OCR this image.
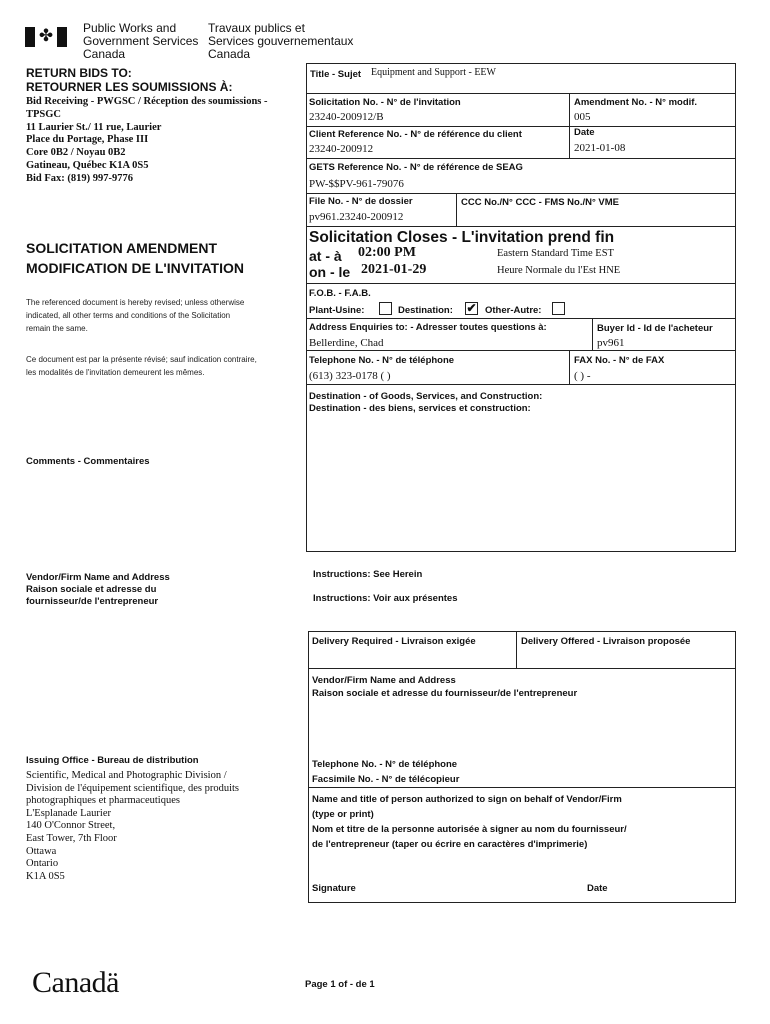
✤ Public Works and
Government Services
Canada
Travaux publics et
Services gouvernementaux
Canada
RETURN BIDS TO:
RETOURNER LES SOUMISSIONS À:
Bid Receiving - PWGSC / Réception des soumissions -
TPSGC
11 Laurier St./ 11 rue, Laurier
Place du Portage, Phase III
Core 0B2 / Noyau 0B2
Gatineau, Québec K1A 0S5
Bid Fax: (819) 997-9776
SOLICITATION AMENDMENT
MODIFICATION DE L'INVITATION
The referenced document is hereby revised; unless otherwise
indicated, all other terms and conditions of the Solicitation
remain the same.
Ce document est par la présente révisé; sauf indication contraire,
les modalités de l'invitation demeurent les mêmes.
Comments - Commentaires
Vendor/Firm Name and Address
Raison sociale et adresse du
fournisseur/de l'entrepreneur
Issuing Office - Bureau de distribution
Scientific, Medical and Photographic Division /
Division de l'équipement scientifique, des produits
photographiques et pharmaceutiques
L'Esplanade Laurier
140 O'Connor Street,
East Tower, 7th Floor
Ottawa
Ontario
K1A 0S5
Title - Sujet Equipment and Support - EEW
Solicitation No. - N° de l'invitation
23240-200912/B
Amendment No. - N° modif.
005
Client Reference No. - N° de référence du client
23240-200912
Date
2021-01-08
GETS Reference No. - N° de référence de SEAG
PW-$$PV-961-79076
File No. - N° de dossier
pv961.23240-200912
CCC No./N° CCC - FMS No./N° VME
Solicitation Closes - L'invitation prend fin
at - à 02:00 PM
on - le 2021-01-29
Eastern Standard Time EST
Heure Normale du l'Est HNE
F.O.B. - F.A.B.
Plant-Usine:	Destination: ✔ Other-Autre:
Address Enquiries to: - Adresser toutes questions à:
Bellerdine, Chad
Buyer Id - Id de l'acheteur
pv961
Telephone No. - N° de téléphone
(613) 323-0178 ( )
FAX No. - N° de FAX
( ) -
Destination - of Goods, Services, and Construction:
Destination - des biens, services et construction:
Instructions: See Herein
Instructions: Voir aux présentes
Delivery Required - Livraison exigée	Delivery Offered - Livraison proposée
Vendor/Firm Name and Address
Raison sociale et adresse du fournisseur/de l'entrepreneur
Telephone No. - N° de téléphone
Facsimile No. - N° de télécopieur
Name and title of person authorized to sign on behalf of Vendor/Firm
(type or print)
Nom et titre de la personne autorisée à signer au nom du fournisseur/
de l'entrepreneur (taper ou écrire en caractères d'imprimerie)
Signature	Date
Canadä	Page 1 of - de 1
